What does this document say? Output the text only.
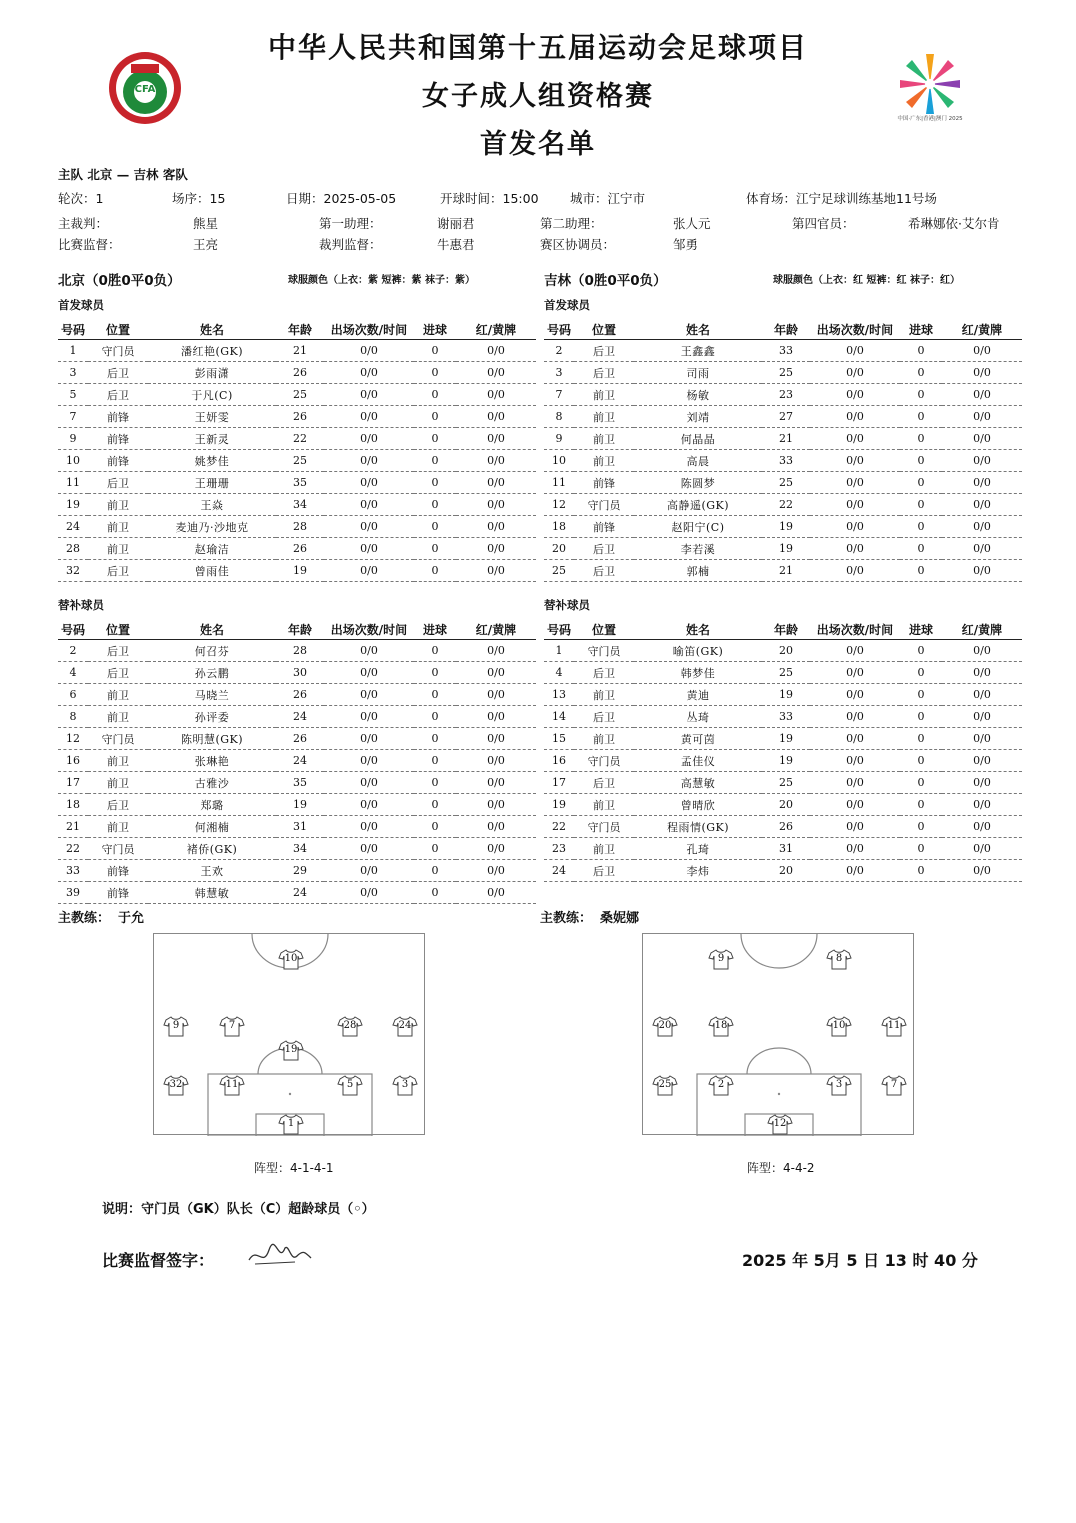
CFA
中国·广东|香港|澳门 2025
中华人民共和国第十五届运动会足球项目
女子成人组资格赛
首发名单
主队 北京 — 吉林 客队
轮次：1	场序：15	日期：2025-05-05	开球时间：15:00	城市：江宁市	体育场：江宁足球训练基地11号场
主裁判：	熊星	第一助理：	谢丽君	第二助理：	张人元	第四官员：	希琳娜依·艾尔肯
比赛监督：	王亮	裁判监督：	牛惠君	赛区协调员：	邹勇
北京（0胜0平0负）	球服颜色（上衣：紫 短裤：紫 袜子：紫）	吉林（0胜0平0负）	球服颜色（上衣：红 短裤：红 袜子：红）
首发球员	首发球员
替补球员	替补球员
号码	位置	姓名	年龄	出场次数/时间	进球	红/黄牌
1	守门员	潘红艳(GK)	21	0/0	0	0/0
3	后卫	彭雨潇	26	0/0	0	0/0
5	后卫	于凡(C)	25	0/0	0	0/0
7	前锋	王妍雯	26	0/0	0	0/0
9	前锋	王新灵	22	0/0	0	0/0
10	前锋	姚梦佳	25	0/0	0	0/0
11	后卫	王珊珊	35	0/0	0	0/0
19	前卫	王焱	34	0/0	0	0/0
24	前卫	麦迪乃·沙地克	28	0/0	0	0/0
28	前卫	赵瑜洁	26	0/0	0	0/0
32	后卫	曾雨佳	19	0/0	0	0/0
号码	位置	姓名	年龄	出场次数/时间	进球	红/黄牌
2	后卫	王鑫鑫	33	0/0	0	0/0
3	后卫	司雨	25	0/0	0	0/0
7	前卫	杨敏	23	0/0	0	0/0
8	前卫	刘靖	27	0/0	0	0/0
9	前卫	何晶晶	21	0/0	0	0/0
10	前卫	高晨	33	0/0	0	0/0
11	前锋	陈圆梦	25	0/0	0	0/0
12	守门员	高静遥(GK)	22	0/0	0	0/0
18	前锋	赵阳宁(C)	19	0/0	0	0/0
20	后卫	李若溪	19	0/0	0	0/0
25	后卫	郭楠	21	0/0	0	0/0
号码	位置	姓名	年龄	出场次数/时间	进球	红/黄牌
2	后卫	何召芬	28	0/0	0	0/0
4	后卫	孙云鹏	30	0/0	0	0/0
6	前卫	马晓兰	26	0/0	0	0/0
8	前卫	孙评委	24	0/0	0	0/0
12	守门员	陈明慧(GK)	26	0/0	0	0/0
16	前卫	张琳艳	24	0/0	0	0/0
17	前卫	古雅沙	35	0/0	0	0/0
18	后卫	郑璐	19	0/0	0	0/0
21	前卫	何湘楠	31	0/0	0	0/0
22	守门员	褚侨(GK)	34	0/0	0	0/0
33	前锋	王欢	29	0/0	0	0/0
39	前锋	韩慧敏	24	0/0	0	0/0
号码	位置	姓名	年龄	出场次数/时间	进球	红/黄牌
1	守门员	喻笛(GK)	20	0/0	0	0/0
4	后卫	韩梦佳	25	0/0	0	0/0
13	前卫	黄迪	19	0/0	0	0/0
14	后卫	丛琦	33	0/0	0	0/0
15	前卫	黄可茵	19	0/0	0	0/0
16	守门员	孟佳仪	19	0/0	0	0/0
17	后卫	高慧敏	25	0/0	0	0/0
19	前卫	曾晴欣	20	0/0	0	0/0
22	守门员	程雨情(GK)	26	0/0	0	0/0
23	前卫	孔琦	31	0/0	0	0/0
24	后卫	李炜	20	0/0	0	0/0
主教练： 于允	主教练： 桑妮娜
10
9	7	28	24
19
32	11	5	3
1
9	8
20	18	10	11
25	2	3	7
12
阵型：4-1-4-1	阵型：4-4-2
说明：守门员（GK）队长（C）超龄球员（◦）
比赛监督签字：	2025 年 5月 5 日 13 时 40 分
